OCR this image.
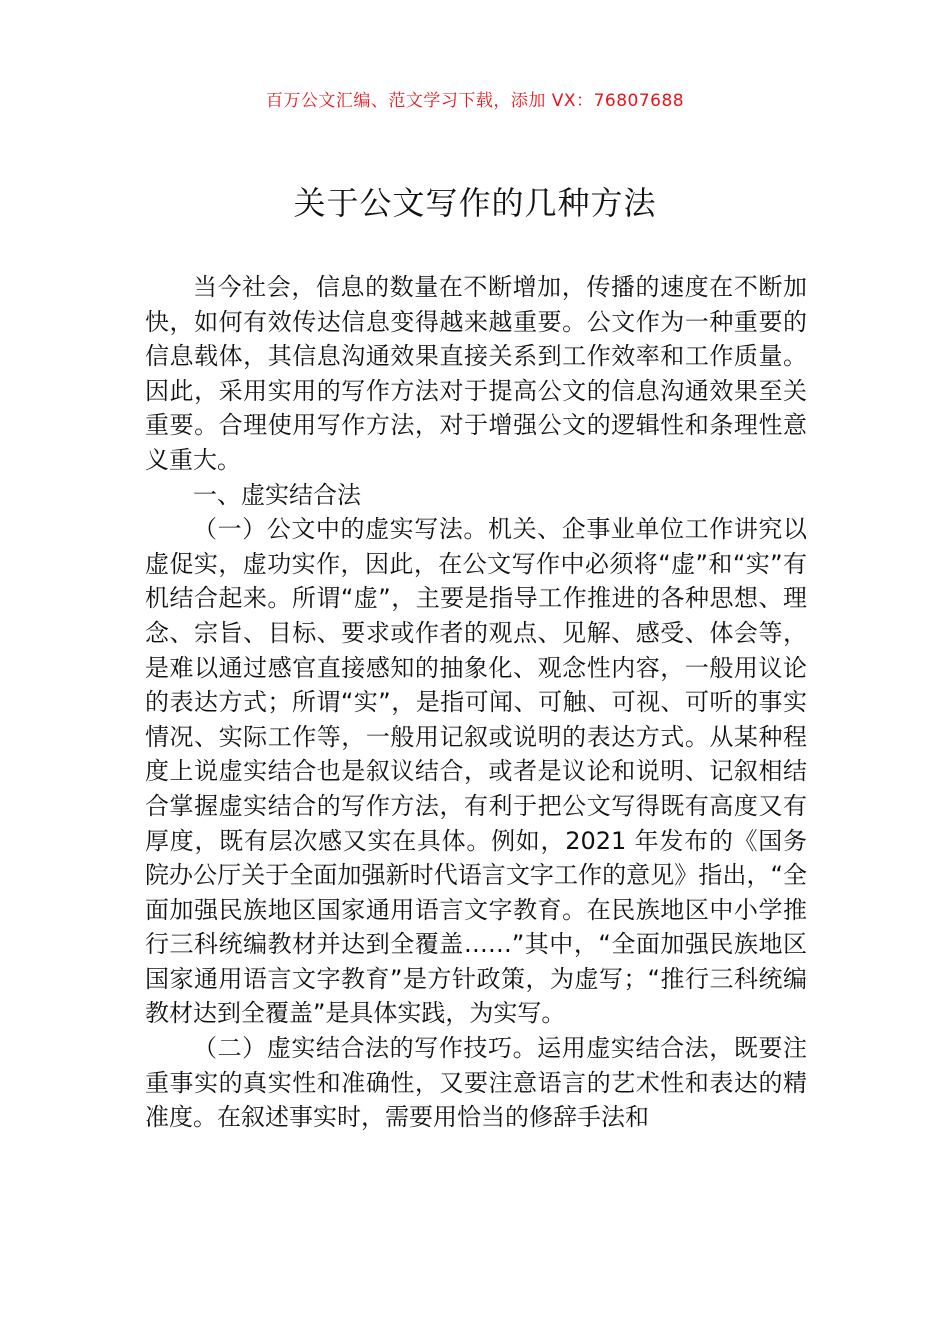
百万公文汇编、范文学习下载，添加 VX：76807688
关于公文写作的几种方法

当今社会，信息的数量在不断增加，传播的速度在不断加快，如何有效传达信息变得越来越重要。公文作为一种重要的信息载体，其信息沟通效果直接关系到工作效率和工作质量。因此，采用实用的写作方法对于提高公文的信息沟通效果至关重要。合理使用写作方法，对于增强公文的逻辑性和条理性意义重大。

一、虚实结合法

（一）公文中的虚实写法。机关、企事业单位工作讲究以虚促实，虚功实作，因此，在公文写作中必须将“虚”和“实”有机结合起来。所谓“虚”，主要是指导工作推进的各种思想、理念、宗旨、目标、要求或作者的观点、见解、感受、体会等，是难以通过感官直接感知的抽象化、观念性内容，一般用议论的表达方式；所谓“实”，是指可闻、可触、可视、可听的事实情况、实际工作等，一般用记叙或说明的表达方式。从某种程度上说虚实结合也是叙议结合，或者是议论和说明、记叙相结合掌握虚实结合的写作方法，有利于把公文写得既有高度又有厚度，既有层次感又实在具体。例如，2021 年发布的《国务院办公厅关于全面加强新时代语言文字工作的意见》指出，“全面加强民族地区国家通用语言文字教育。在民族地区中小学推行三科统编教材并达到全覆盖……”其中，“全面加强民族地区国家通用语言文字教育”是方针政策，为虚写；“推行三科统编教材达到全覆盖”是具体实践，为实写。

（二）虚实结合法的写作技巧。运用虚实结合法，既要注重事实的真实性和准确性，又要注意语言的艺术性和表达的精准度。在叙述事实时，需要用恰当的修辞手法和
